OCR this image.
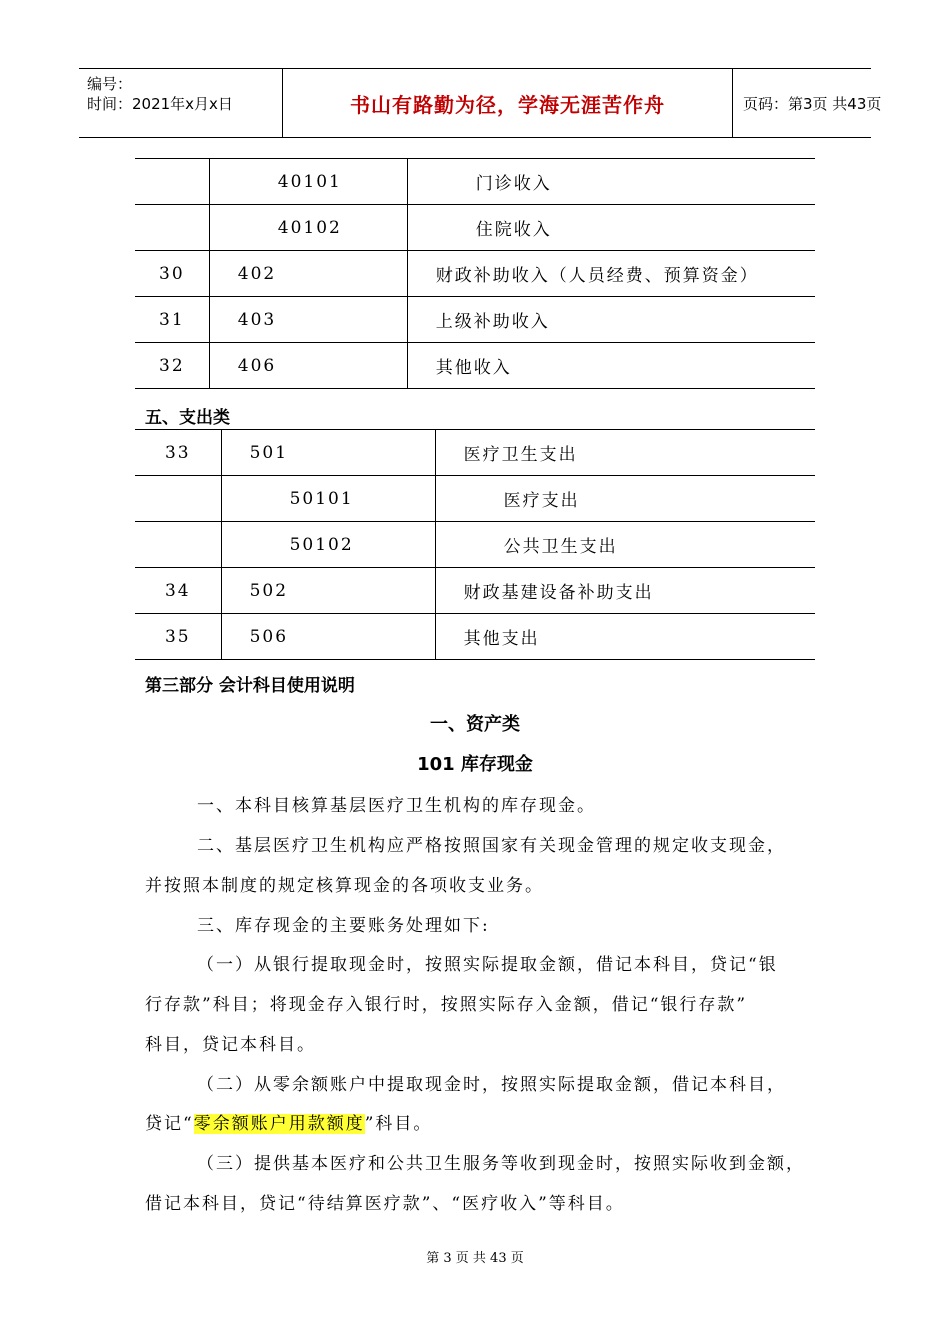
编号：
时间：2021年x月x日	书山有路勤为径，学海无涯苦作舟	页码：第3页 共43页
	40101	门诊收入
	40102	住院收入
30	402	财政补助收入（人员经费、预算资金）
31	403	上级补助收入
32	406	其他收入
五、支出类
33	501	医疗卫生支出
	50101	医疗支出
	50102	公共卫生支出
34	502	财政基建设备补助支出
35	506	其他支出
第三部分 会计科目使用说明
一、资产类
101 库存现金
一、本科目核算基层医疗卫生机构的库存现金。
二、基层医疗卫生机构应严格按照国家有关现金管理的规定收支现金，
并按照本制度的规定核算现金的各项收支业务。
三、库存现金的主要账务处理如下:
（一）从银行提取现金时，按照实际提取金额，借记本科目，贷记“银
行存款”科目；将现金存入银行时，按照实际存入金额，借记“银行存款”
科目，贷记本科目。
（二）从零余额账户中提取现金时，按照实际提取金额，借记本科目，
贷记“零余额账户用款额度”科目。
（三）提供基本医疗和公共卫生服务等收到现金时，按照实际收到金额，
借记本科目，贷记“待结算医疗款”、“医疗收入”等科目。
第 3 页 共 43 页
